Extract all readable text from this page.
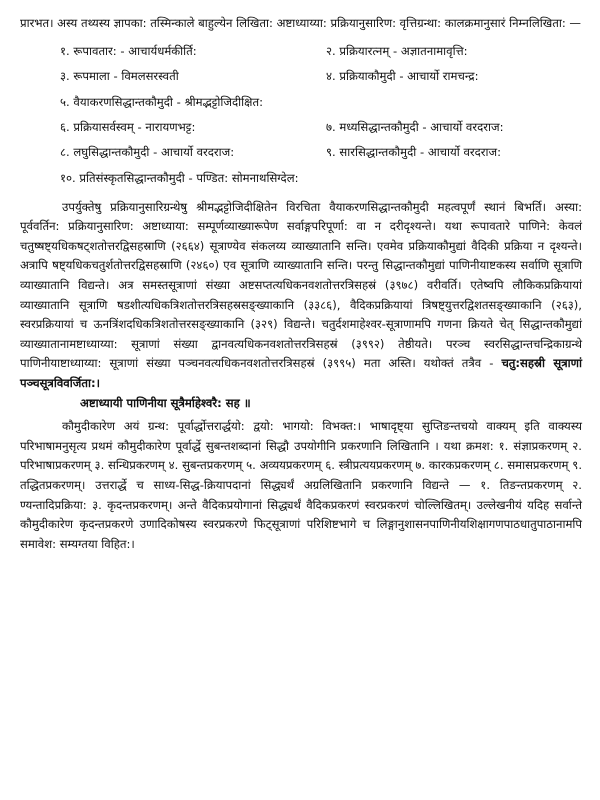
प्रारभत। अस्य तथ्यस्य ज्ञापका: तस्मिन्काले बाहुल्येन लिखिता: अष्टाध्याय्या: प्रक्रियानुसारिण: वृत्तिग्रन्था: कालक्रमानुसारं निम्नलिखिता: —

१. रूपावतार: - आचार्यधर्मकीर्ति:	२. प्रक्रियारत्नम् - अज्ञातनामावृत्ति:
३. रूपमाला - विमलसरस्वती	४. प्रक्रियाकौमुदी - आचार्यो रामचन्द्र:
५. वैयाकरणसिद्धान्तकौमुदी - श्रीमद्भट्टोजिदीक्षित:
६. प्रक्रियासर्वस्वम् - नारायणभट्ट:	७. मध्यसिद्धान्तकौमुदी - आचार्यो वरदराज:
८. लघुसिद्धान्तकौमुदी - आचार्यो वरदराज:	९. सारसिद्धान्तकौमुदी - आचार्यो वरदराज:
१०. प्रतिसंस्कृतसिद्धान्तकौमुदी - पण्डित: सोमनाथसिग्देल:

उपर्युक्तेषु प्रक्रियानुसारिग्रन्थेषु श्रीमद्भट्टोजिदीक्षितेन विरचिता वैयाकरणसिद्धान्तकौमुदी महत्वपूर्णं स्थानं बिभर्ति। अस्या: पूर्ववर्तिन: प्रक्रियानुसारिण: अष्टाध्याया: सम्पूर्णव्याख्यारूपेण सर्वाङ्गपरिपूर्णा: वा न दरीदृश्यन्ते। यथा रूपावतारे पाणिने: केवलं चतुष्षष्ट्यधिकषट्शतोत्तरद्विसहस्राणि (२६६४) सूत्राण्येव संकलय्य व्याख्यातानि सन्ति। एवमेव प्रक्रियाकौमुद्यां वैदिकी प्रक्रिया न दृश्यन्ते। अत्रापि षष्ट्यधिकचतुर्शतोत्तरद्विसहस्राणि (२४६०) एव सूत्राणि व्याख्यातानि सन्ति। परन्तु सिद्धान्तकौमुद्यां पाणिनीयाष्टकस्य सर्वाणि सूत्राणि व्याख्यातानि विद्यन्ते। अत्र समस्तसूत्राणां संख्या अष्टसप्तत्यधिकनवशतोत्तरत्रिसहस्रं (३९७८) वरीवर्ति। एतेष्वपि लौकिकप्रक्रियायां व्याख्यातानि सूत्राणि षडशीत्यधिकत्रिशतोत्तरत्रिसहस्रसङ्ख्याकानि (३३८६), वैदिकप्रक्रियायां त्रिषष्ट्युत्तरद्विशतसङ्ख्याकानि (२६३), स्वरप्रक्रियायां च ऊनत्रिंशदधिकत्रिशतोत्तरसङ्ख्याकानि (३२९) विद्यन्ते। चतुर्दशमाहेश्वर-सूत्राणामपि गणना क्रियते चेत् सिद्धान्तकौमुद्यां व्याख्यातानामष्टाध्याय्या: सूत्राणां संख्या द्वानवत्यधिकनवशतोत्तरत्रिसहस्रं (३९९२) तेष्ठीयते। परञ्च स्वरसिद्धान्तचन्द्रिकाग्रन्थे पाणिनीयाष्टाध्याय्या: सूत्राणां संख्या पञ्चनवत्यधिकनवशतोत्तरत्रिसहस्रं (३९९५) मता अस्ति। यथोक्तं तत्रैव - चतु:सहस्री सूत्राणां पञ्चसूत्रविवर्जिता:।

अष्टाध्यायी पाणिनीया सूत्रैर्माहेश्वरै: सह ॥

कौमुदीकारेण अयं ग्रन्थ: पूर्वार्द्धोत्तरार्द्धयो: द्वयो: भागयो: विभक्त:। भाषादृष्ट्या सुप्तिङन्तचयो वाक्यम् इति वाक्यस्य परिभाषामनुसृत्य प्रथमं कौमुदीकारेण पूर्वार्द्धे सुबन्तशब्दानां सिद्धौ उपयोगीनि प्रकरणानि लिखितानि । यथा क्रमश: १. संज्ञाप्रकरणम् २. परिभाषाप्रकरणम् ३. सन्धिप्रकरणम् ४. सुबन्तप्रकरणम् ५. अव्ययप्रकरणम् ६. स्त्रीप्रत्ययप्रकरणम् ७. कारकप्रकरणम् ८. समासप्रकरणम् ९. तद्धितप्रकरणम्। उत्तरार्द्धे च साध्य-सिद्ध-क्रियापदानां सिद्ध्यर्थं अग्रलिखितानि प्रकरणानि विद्यन्ते — १. तिङन्तप्रकरणम् २. ण्यन्तादिप्रक्रिया: ३. कृदन्तप्रकरणम्। अन्ते वैदिकप्रयोगानां सिद्ध्यर्थं वैदिकप्रकरणं स्वरप्रकरणं चोल्लिखितम्। उल्लेखनीयं यदिह सर्वान्ते कौमुदीकारेण कृदन्तप्रकरणे उणादिकोषस्य स्वरप्रकरणे फिट्सूत्राणां परिशिष्टभागे च लिङ्गानुशासनपाणिनीयशिक्षागणपाठधातुपाठानामपि समावेश: सम्यग्तया विहित:।
